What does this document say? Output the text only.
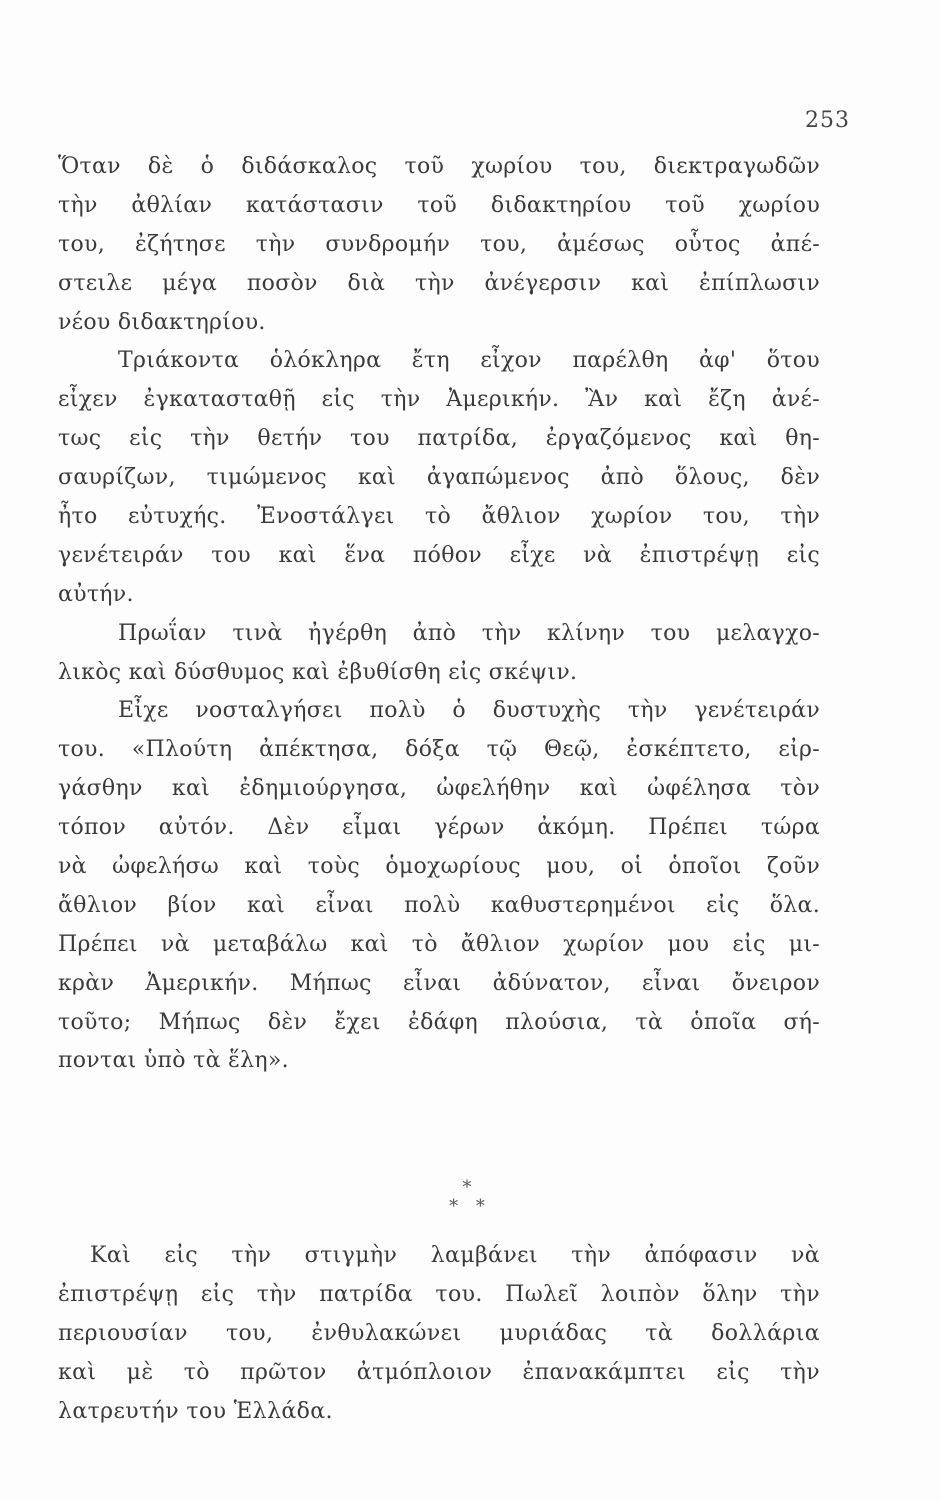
253
Ὅταν δὲ ὁ διδάσκαλος τοῦ χωρίου του, διεκτραγωδῶν
τὴν ἀθλίαν κατάστασιν τοῦ διδακτηρίου τοῦ χωρίου
του, ἐζήτησε τὴν συνδρομήν του, ἀμέσως οὗτος ἀπέ-
στειλε μέγα ποσὸν διὰ τὴν ἀνέγερσιν καὶ ἐπίπλωσιν
νέου διδακτηρίου.
Τριάκοντα ὁλόκληρα ἔτη εἶχον παρέλθη ἀφ' ὅτου
εἶχεν ἐγκατασταθῇ εἰς τὴν Ἀμερικήν. Ἂν καὶ ἔζη ἀνέ-
τως εἰς τὴν θετήν του πατρίδα, ἐργαζόμενος καὶ θη-
σαυρίζων, τιμώμενος καὶ ἀγαπώμενος ἀπὸ ὅλους, δὲν
ἦτο εὐτυχής. Ἐνοστάλγει τὸ ἄθλιον χωρίον του, τὴν
γενέτειράν του καὶ ἕνα πόθον εἶχε νὰ ἐπιστρέψῃ εἰς
αὐτήν.
Πρωΐαν τινὰ ἠγέρθη ἀπὸ τὴν κλίνην του μελαγχο-
λικὸς καὶ δύσθυμος καὶ ἐβυθίσθη εἰς σκέψιν.
Εἶχε νοσταλγήσει πολὺ ὁ δυστυχὴς τὴν γενέτειράν
του. «Πλούτη ἀπέκτησα, δόξα τῷ Θεῷ, ἐσκέπτετο, εἰρ-
γάσθην καὶ ἐδημιούργησα, ὠφελήθην καὶ ὠφέλησα τὸν
τόπον αὐτόν. Δὲν εἶμαι γέρων ἀκόμη. Πρέπει τώρα
νὰ ὠφελήσω καὶ τοὺς ὁμοχωρίους μου, οἱ ὁποῖοι ζοῦν
ἄθλιον βίον καὶ εἶναι πολὺ καθυστερημένοι εἰς ὅλα.
Πρέπει νὰ μεταβάλω καὶ τὸ ἄθλιον χωρίον μου εἰς μι-
κρὰν Ἀμερικήν. Μήπως εἶναι ἀδύνατον, εἶναι ὄνειρον
τοῦτο; Μήπως δὲν ἔχει ἐδάφη πλούσια, τὰ ὁποῖα σή-
πονται ὑπὸ τὰ ἕλη».
*
* *
Καὶ εἰς τὴν στιγμὴν λαμβάνει τὴν ἀπόφασιν νὰ
ἐπιστρέψῃ εἰς τὴν πατρίδα του. Πωλεῖ λοιπὸν ὅλην τὴν
περιουσίαν του, ἐνθυλακώνει μυριάδας τὰ δολλάρια
καὶ μὲ τὸ πρῶτον ἀτμόπλοιον ἐπανακάμπτει εἰς τὴν
λατρευτήν του Ἑλλάδα.
